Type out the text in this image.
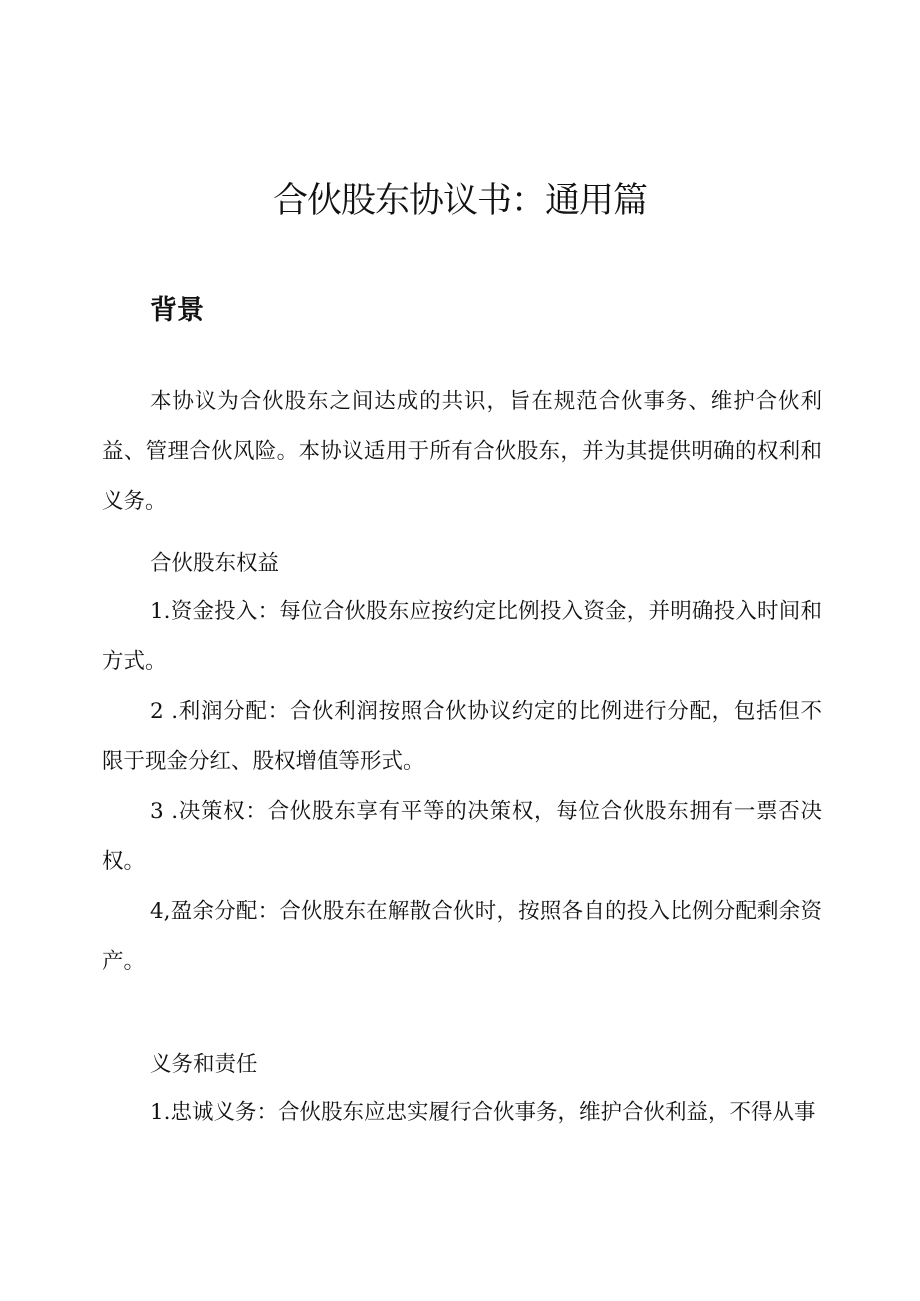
合伙股东协议书：通用篇
背景

本协议为合伙股东之间达成的共识，旨在规范合伙事务、维护合伙利益、管理合伙风险。本协议适用于所有合伙股东，并为其提供明确的权利和义务。

合伙股东权益

1.资金投入：每位合伙股东应按约定比例投入资金，并明确投入时间和方式。

2 .利润分配：合伙利润按照合伙协议约定的比例进行分配，包括但不限于现金分红、股权增值等形式。

3 .决策权：合伙股东享有平等的决策权，每位合伙股东拥有一票否决权。

4,盈余分配：合伙股东在解散合伙时，按照各自的投入比例分配剩余资产。

义务和责任

1.忠诚义务：合伙股东应忠实履行合伙事务，维护合伙利益，不得从事
